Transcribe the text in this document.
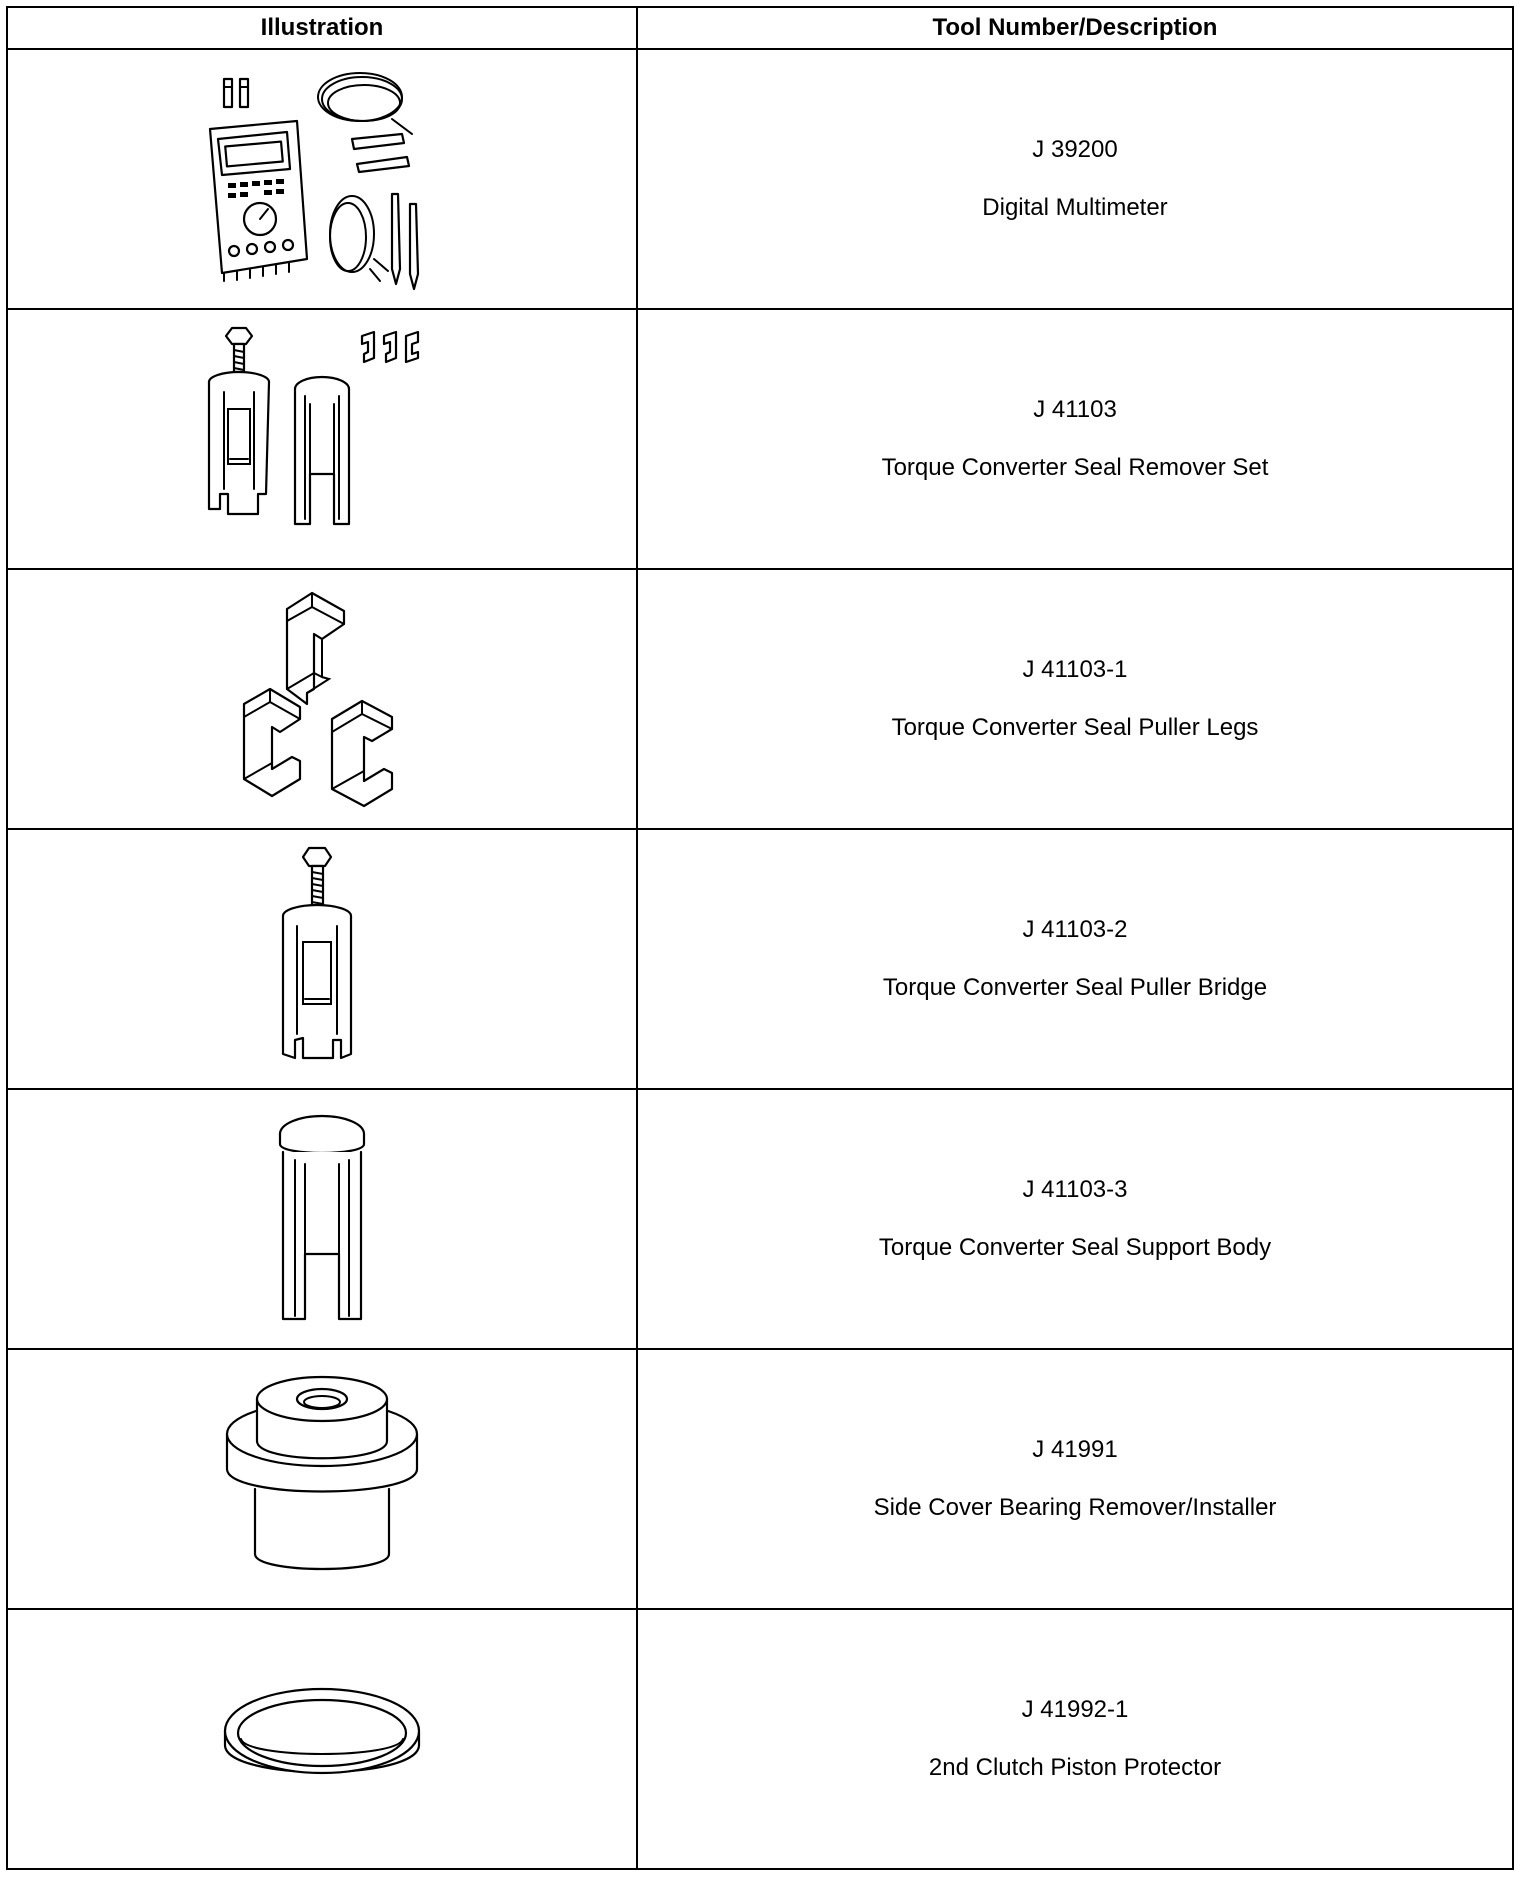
Illustration	Tool Number/Description

J 39200
Digital Multimeter

J 41103
Torque Converter Seal Remover Set

J 41103-1
Torque Converter Seal Puller Legs

J 41103-2
Torque Converter Seal Puller Bridge

J 41103-3
Torque Converter Seal Support Body

J 41991
Side Cover Bearing Remover/Installer

J 41992-1
2nd Clutch Piston Protector
